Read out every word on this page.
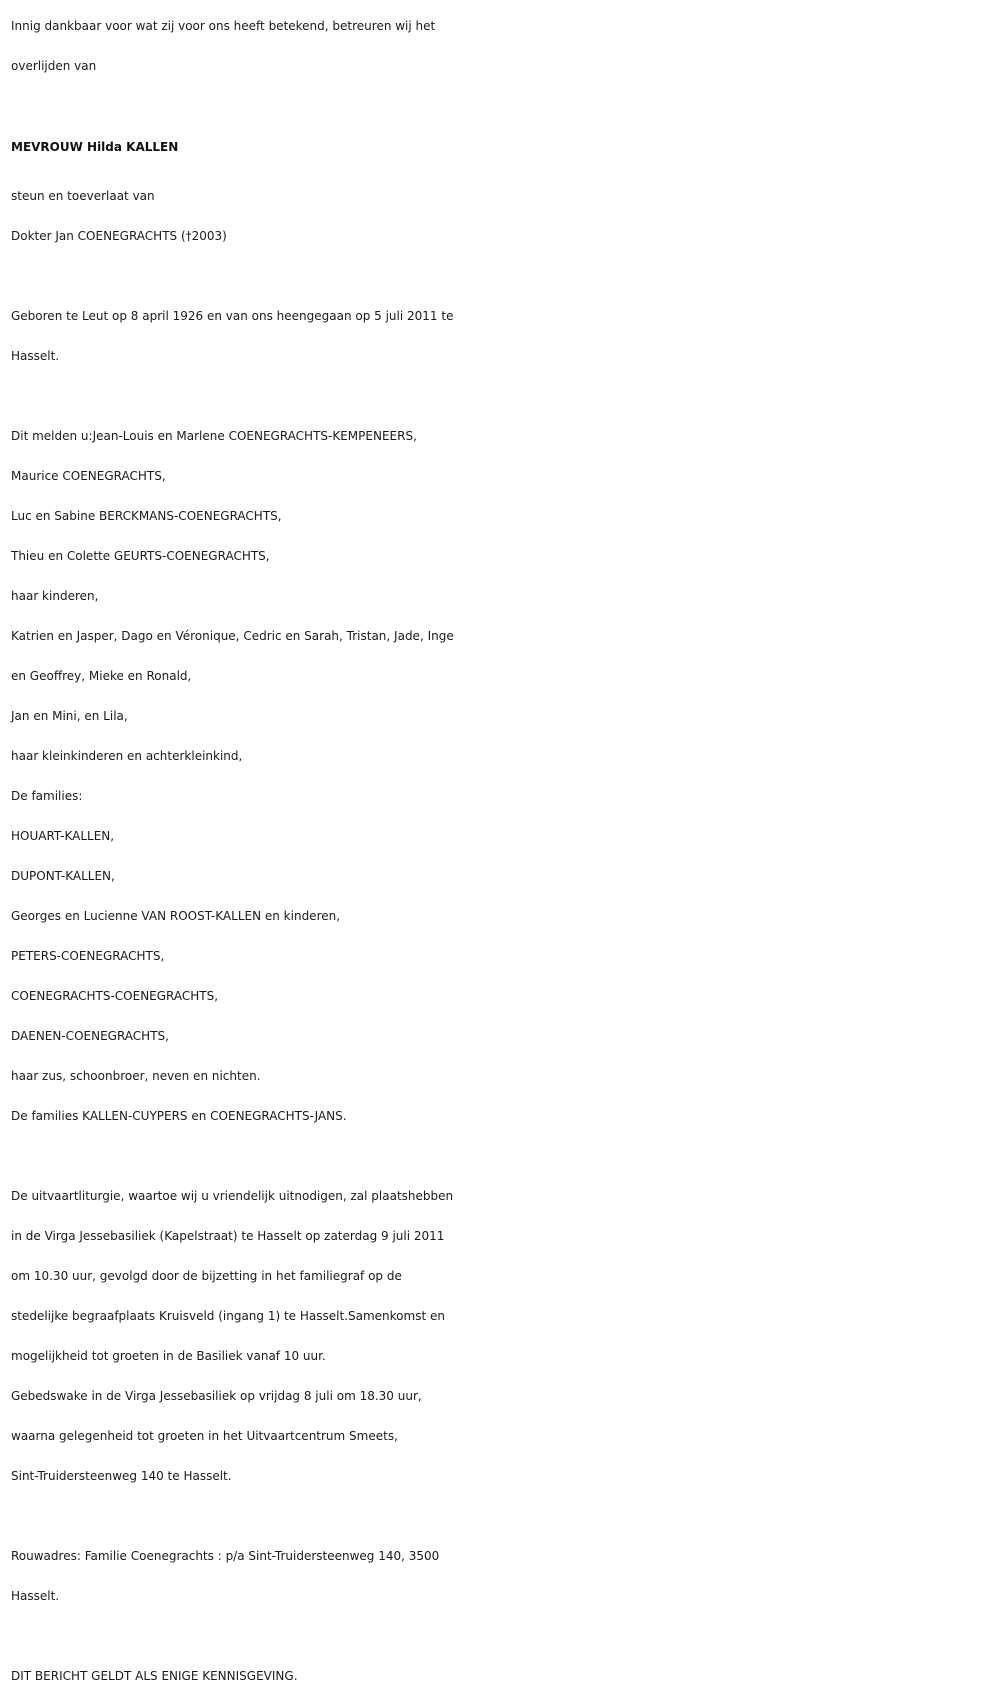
Innig dankbaar voor wat zij voor ons heeft betekend, betreuren wij het
overlijden van
MEVROUW Hilda KALLEN
steun en toeverlaat van
Dokter Jan COENEGRACHTS (†2003)
Geboren te Leut op 8 april 1926 en van ons heengegaan op 5 juli 2011 te
Hasselt.
Dit melden u:Jean-Louis en Marlene COENEGRACHTS-KEMPENEERS,
Maurice COENEGRACHTS,
Luc en Sabine BERCKMANS-COENEGRACHTS,
Thieu en Colette GEURTS-COENEGRACHTS,
haar kinderen,
Katrien en Jasper, Dago en Véronique, Cedric en Sarah, Tristan, Jade, Inge
en Geoffrey, Mieke en Ronald,
Jan en Mini, en Lila,
haar kleinkinderen en achterkleinkind,
De families:
HOUART-KALLEN,
DUPONT-KALLEN,
Georges en Lucienne VAN ROOST-KALLEN en kinderen,
PETERS-COENEGRACHTS,
COENEGRACHTS-COENEGRACHTS,
DAENEN-COENEGRACHTS,
haar zus, schoonbroer, neven en nichten.
De families KALLEN-CUYPERS en COENEGRACHTS-JANS.
De uitvaartliturgie, waartoe wij u vriendelijk uitnodigen, zal plaatshebben
in de Virga Jessebasiliek (Kapelstraat) te Hasselt op zaterdag 9 juli 2011
om 10.30 uur, gevolgd door de bijzetting in het familiegraf op de
stedelijke begraafplaats Kruisveld (ingang 1) te Hasselt.Samenkomst en
mogelijkheid tot groeten in de Basiliek vanaf 10 uur.
Gebedswake in de Virga Jessebasiliek op vrijdag 8 juli om 18.30 uur,
waarna gelegenheid tot groeten in het Uitvaartcentrum Smeets,
Sint-Truidersteenweg 140 te Hasselt.
Rouwadres: Familie Coenegrachts : p/a Sint-Truidersteenweg 140, 3500
Hasselt.
DIT BERICHT GELDT ALS ENIGE KENNISGEVING.
